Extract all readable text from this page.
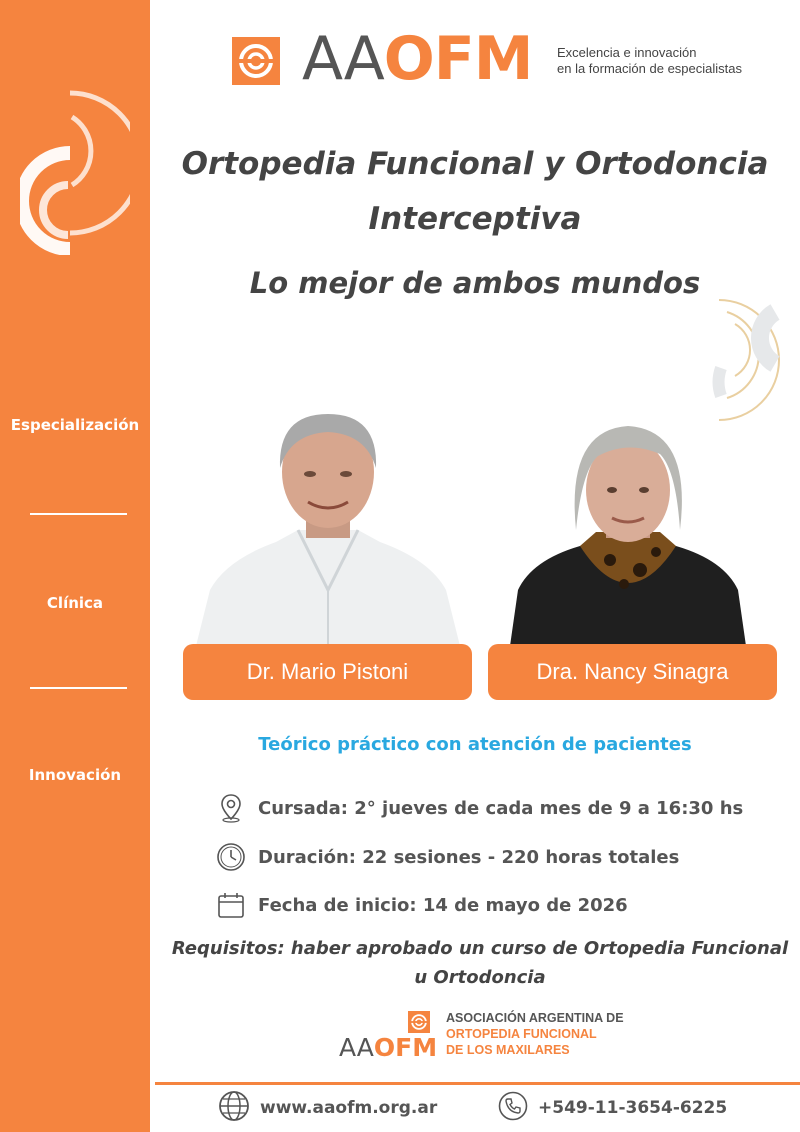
Especialización
Clínica
Innovación
AAOFM Excelencia e innovación
en la formación de especialistas
Ortopedia Funcional y Ortodoncia
Interceptiva
Lo mejor de ambos mundos
Dr. Mario Pistoni	Dra. Nancy Sinagra
Teórico práctico con atención de pacientes
Cursada: 2° jueves de cada mes de 9 a 16:30 hs
Duración: 22 sesiones - 220 horas totales
Fecha de inicio: 14 de mayo de 2026
Requisitos: haber aprobado un curso de Ortopedia Funcional
u Ortodoncia
AAOFM
ASOCIACIÓN ARGENTINA DE
ORTOPEDIA FUNCIONAL
DE LOS MAXILARES
www.aaofm.org.ar	+549-11-3654-6225
